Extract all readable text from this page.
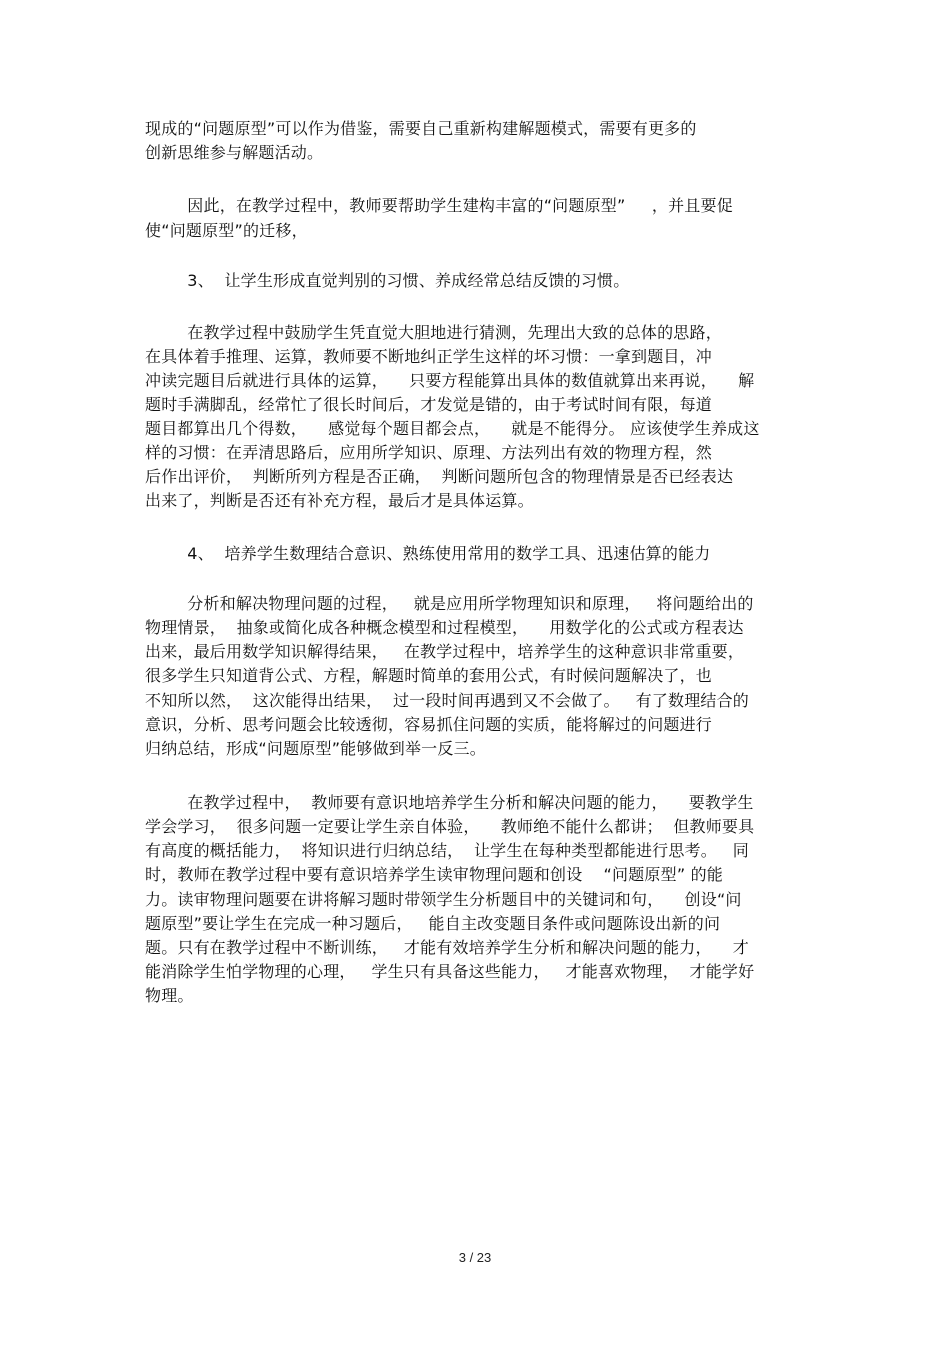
现成的“问题原型”可以作为借鉴，需要自己重新构建解题模式，需要有更多的
创新思维参与解题活动。
因此，在教学过程中，教师要帮助学生建构丰富的“问题原型”     ，并且要促
使“问题原型”的迁移，
3、  让学生形成直觉判别的习惯、养成经常总结反馈的习惯。
在教学过程中鼓励学生凭直觉大胆地进行猜测，先理出大致的总体的思路，
在具体着手推理、运算，教师要不断地纠正学生这样的坏习惯：一拿到题目，冲
冲读完题目后就进行具体的运算，    只要方程能算出具体的数值就算出来再说，    解
题时手满脚乱，经常忙了很长时间后，才发觉是错的，由于考试时间有限，每道
题目都算出几个得数，    感觉每个题目都会点，    就是不能得分。 应该使学生养成这
样的习惯：在弄清思路后，应用所学知识、原理、方法列出有效的物理方程，然
后作出评价，  判断所列方程是否正确，  判断问题所包含的物理情景是否已经表达
出来了，判断是否还有补充方程，最后才是具体运算。
4、  培养学生数理结合意识、熟练使用常用的数学工具、迅速估算的能力
分析和解决物理问题的过程，   就是应用所学物理知识和原理，   将问题给出的
物理情景，  抽象或简化成各种概念模型和过程模型，    用数学化的公式或方程表达
出来，最后用数学知识解得结果，   在教学过程中，培养学生的这种意识非常重要，
很多学生只知道背公式、方程，解题时简单的套用公式，有时候问题解决了，也
不知所以然，  这次能得出结果，  过一段时间再遇到又不会做了。   有了数理结合的
意识，分析、思考问题会比较透彻，容易抓住问题的实质，能将解过的问题进行
归纳总结，形成“问题原型”能够做到举一反三。
在教学过程中，  教师要有意识地培养学生分析和解决问题的能力，    要教学生
学会学习，  很多问题一定要让学生亲自体验，    教师绝不能什么都讲；  但教师要具
有高度的概括能力，  将知识进行归纳总结，  让学生在每种类型都能进行思考。   同
时，教师在教学过程中要有意识培养学生读审物理问题和创设    “问题原型” 的能
力。读审物理问题要在讲将解习题时带领学生分析题目中的关键词和句，    创设“问
题原型”要让学生在完成一种习题后，   能自主改变题目条件或问题陈设出新的问
题。只有在教学过程中不断训练，   才能有效培养学生分析和解决问题的能力，    才
能消除学生怕学物理的心理，   学生只有具备这些能力，   才能喜欢物理，  才能学好
物理。
3 / 23
